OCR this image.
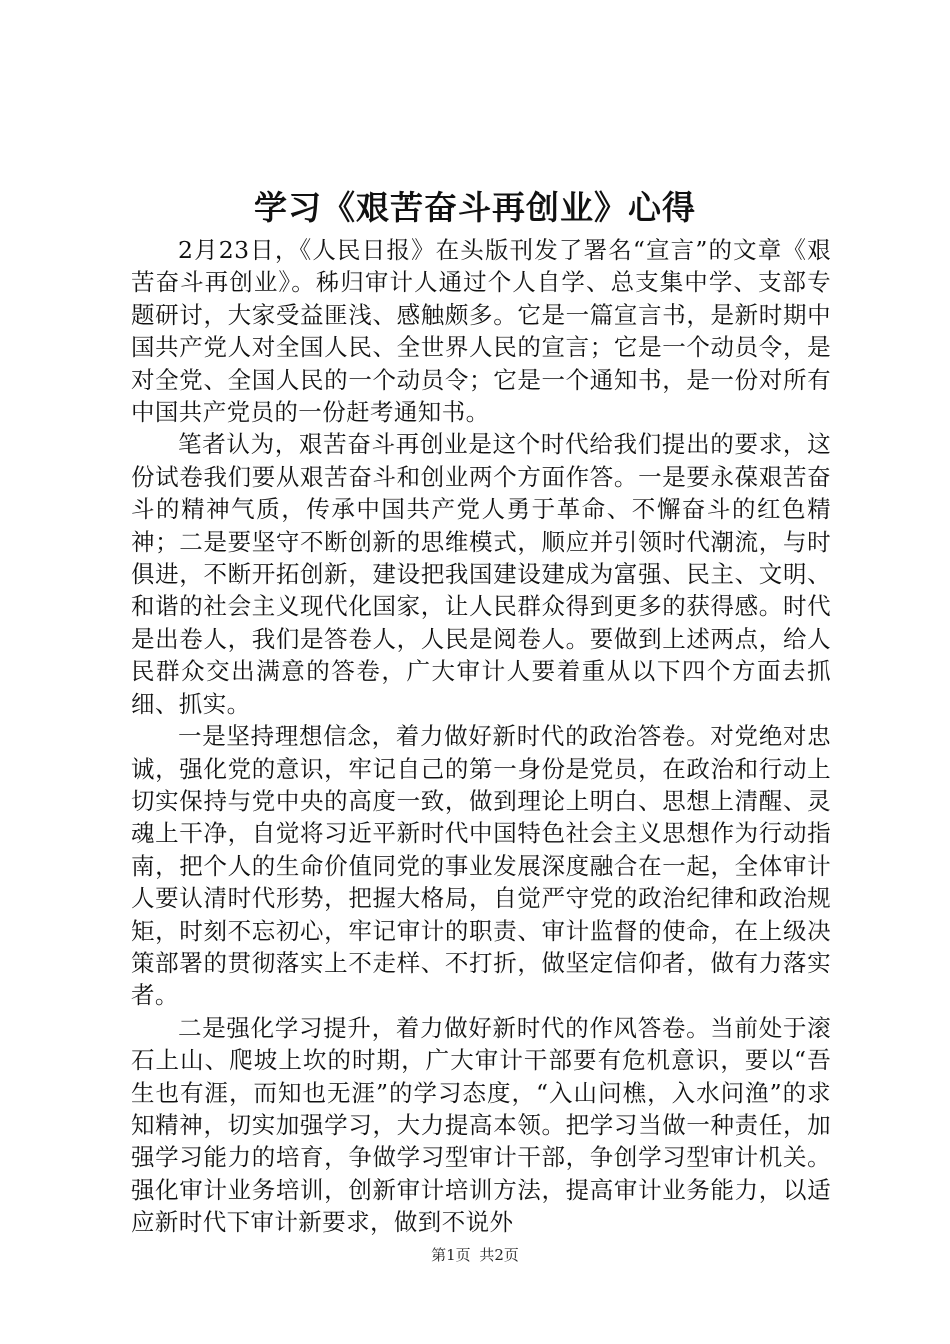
学习《艰苦奋斗再创业》心得

2月23日，《人民日报》在头版刊发了署名“宣言”的文章《艰苦奋斗再创业》。秭归审计人通过个人自学、总支集中学、支部专题研讨，大家受益匪浅、感触颇多。它是一篇宣言书，是新时期中国共产党人对全国人民、全世界人民的宣言；它是一个动员令，是对全党、全国人民的一个动员令；它是一个通知书，是一份对所有中国共产党员的一份赶考通知书。

笔者认为，艰苦奋斗再创业是这个时代给我们提出的要求，这份试卷我们要从艰苦奋斗和创业两个方面作答。一是要永葆艰苦奋斗的精神气质，传承中国共产党人勇于革命、不懈奋斗的红色精神；二是要坚守不断创新的思维模式，顺应并引领时代潮流，与时俱进，不断开拓创新，建设把我国建设建成为富强、民主、文明、和谐的社会主义现代化国家，让人民群众得到更多的获得感。时代是出卷人，我们是答卷人，人民是阅卷人。要做到上述两点，给人民群众交出满意的答卷，广大审计人要着重从以下四个方面去抓细、抓实。

一是坚持理想信念，着力做好新时代的政治答卷。对党绝对忠诚，强化党的意识，牢记自己的第一身份是党员，在政治和行动上切实保持与党中央的高度一致，做到理论上明白、思想上清醒、灵魂上干净，自觉将习近平新时代中国特色社会主义思想作为行动指南，把个人的生命价值同党的事业发展深度融合在一起，全体审计人要认清时代形势，把握大格局，自觉严守党的政治纪律和政治规矩，时刻不忘初心，牢记审计的职责、审计监督的使命，在上级决策部署的贯彻落实上不走样、不打折，做坚定信仰者，做有力落实者。

二是强化学习提升，着力做好新时代的作风答卷。当前处于滚石上山、爬坡上坎的时期，广大审计干部要有危机意识，要以“吾生也有涯，而知也无涯”的学习态度，“入山问樵，入水问渔”的求知精神，切实加强学习，大力提高本领。把学习当做一种责任，加强学习能力的培育，争做学习型审计干部，争创学习型审计机关。强化审计业务培训，创新审计培训方法，提高审计业务能力，以适应新时代下审计新要求，做到不说外

第1页 共2页
